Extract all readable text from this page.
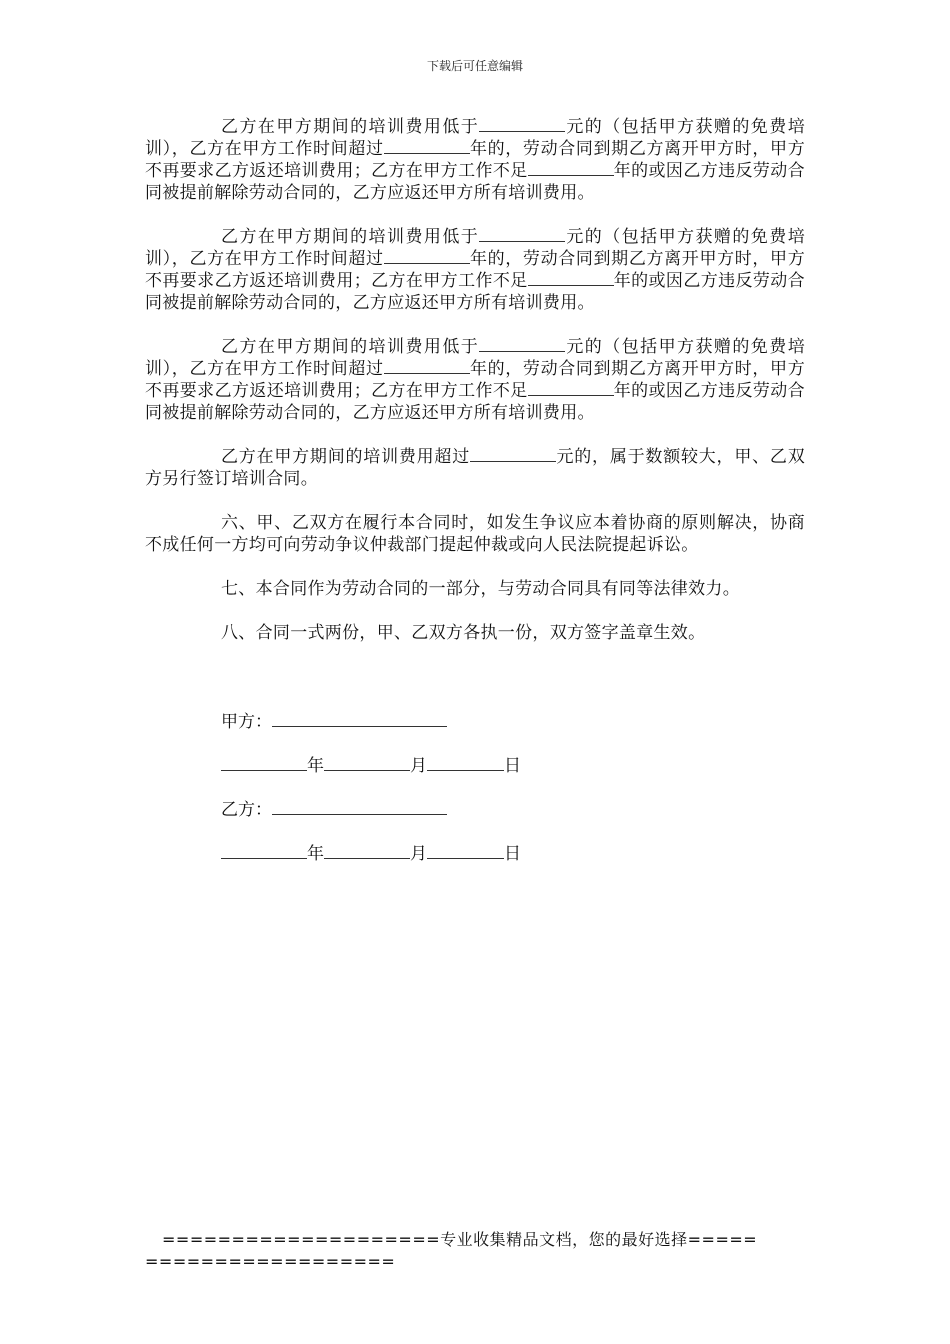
下载后可任意编辑

乙方在甲方期间的培训费用低于	元的（包括甲方获赠的免费培训），乙方在甲方工作时间超过	年的，劳动合同到期乙方离开甲方时，甲方不再要求乙方返还培训费用；乙方在甲方工作不足	年的或因乙方违反劳动合同被提前解除劳动合同的，乙方应返还甲方所有培训费用。

乙方在甲方期间的培训费用低于	元的（包括甲方获赠的免费培训），乙方在甲方工作时间超过	年的，劳动合同到期乙方离开甲方时，甲方不再要求乙方返还培训费用；乙方在甲方工作不足	年的或因乙方违反劳动合同被提前解除劳动合同的，乙方应返还甲方所有培训费用。

乙方在甲方期间的培训费用低于	元的（包括甲方获赠的免费培训），乙方在甲方工作时间超过	年的，劳动合同到期乙方离开甲方时，甲方不再要求乙方返还培训费用；乙方在甲方工作不足	年的或因乙方违反劳动合同被提前解除劳动合同的，乙方应返还甲方所有培训费用。

乙方在甲方期间的培训费用超过	元的，属于数额较大，甲、乙双方另行签订培训合同。

六、甲、乙双方在履行本合同时，如发生争议应本着协商的原则解决，协商不成任何一方均可向劳动争议仲裁部门提起仲裁或向人民法院提起诉讼。

七、本合同作为劳动合同的一部分，与劳动合同具有同等法律效力。

八、合同一式两份，甲、乙双方各执一份，双方签字盖章生效。

甲方：
年	月	日
乙方：
年	月	日
====================专业收集精品文档，您的最好选择=====
==================
